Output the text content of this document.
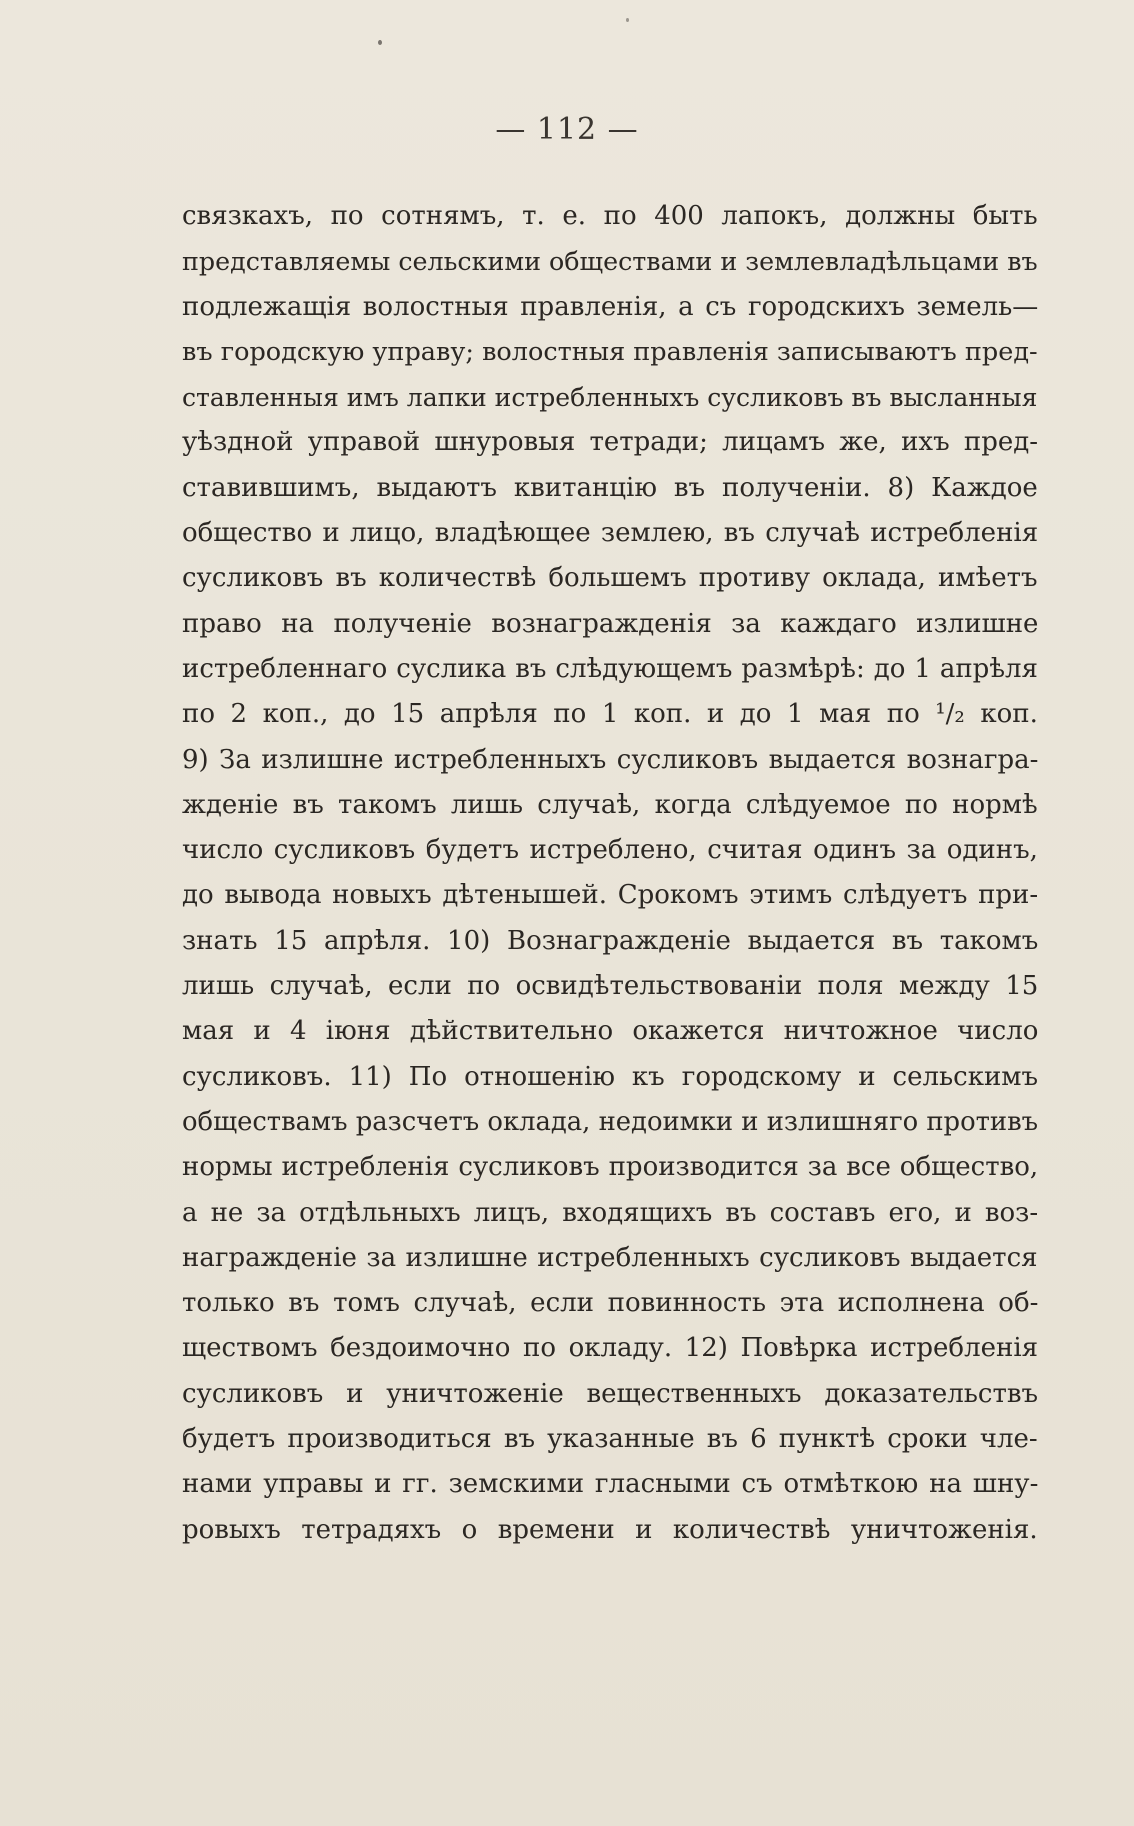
— 112 —
связкахъ, по сотнямъ, т. е. по 400 лапокъ, должны быть
представляемы сельскими обществами и землевладѣльцами въ
подлежащія волостныя правленія, а съ городскихъ земель—
въ городскую управу; волостныя правленія записываютъ пред-
ставленныя имъ лапки истребленныхъ сусликовъ въ высланныя
уѣздной управой шнуровыя тетради; лицамъ же, ихъ пред-
ставившимъ, выдаютъ квитанцію въ полученіи. 8) Каждое
общество и лицо, владѣющее землею, въ случаѣ истребленія
сусликовъ въ количествѣ большемъ противу оклада, имѣетъ
право на полученіе вознагражденія за каждаго излишне
истребленнаго суслика въ слѣдующемъ размѣрѣ: до 1 апрѣля
по 2 коп., до 15 апрѣля по 1 коп. и до 1 мая по ¹/₂ коп.
9) За излишне истребленныхъ сусликовъ выдается вознагра-
жденіе въ такомъ лишь случаѣ, когда слѣдуемое по нормѣ
число сусликовъ будетъ истреблено, считая одинъ за одинъ,
до вывода новыхъ дѣтенышей. Срокомъ этимъ слѣдуетъ при-
знать 15 апрѣля. 10) Вознагражденіе выдается въ такомъ
лишь случаѣ, если по освидѣтельствованіи поля между 15
мая и 4 іюня дѣйствительно окажется ничтожное число
сусликовъ. 11) По отношенію къ городскому и сельскимъ
обществамъ разсчетъ оклада, недоимки и излишняго противъ
нормы истребленія сусликовъ производится за все общество,
а не за отдѣльныхъ лицъ, входящихъ въ составъ его, и воз-
награжденіе за излишне истребленныхъ сусликовъ выдается
только въ томъ случаѣ, если повинность эта исполнена об-
ществомъ бездоимочно по окладу. 12) Повѣрка истребленія
сусликовъ и уничтоженіе вещественныхъ доказательствъ
будетъ производиться въ указанные въ 6 пунктѣ сроки чле-
нами управы и гг. земскими гласными съ отмѣткою на шну-
ровыхъ тетрадяхъ о времени и количествѣ уничтоженія.
